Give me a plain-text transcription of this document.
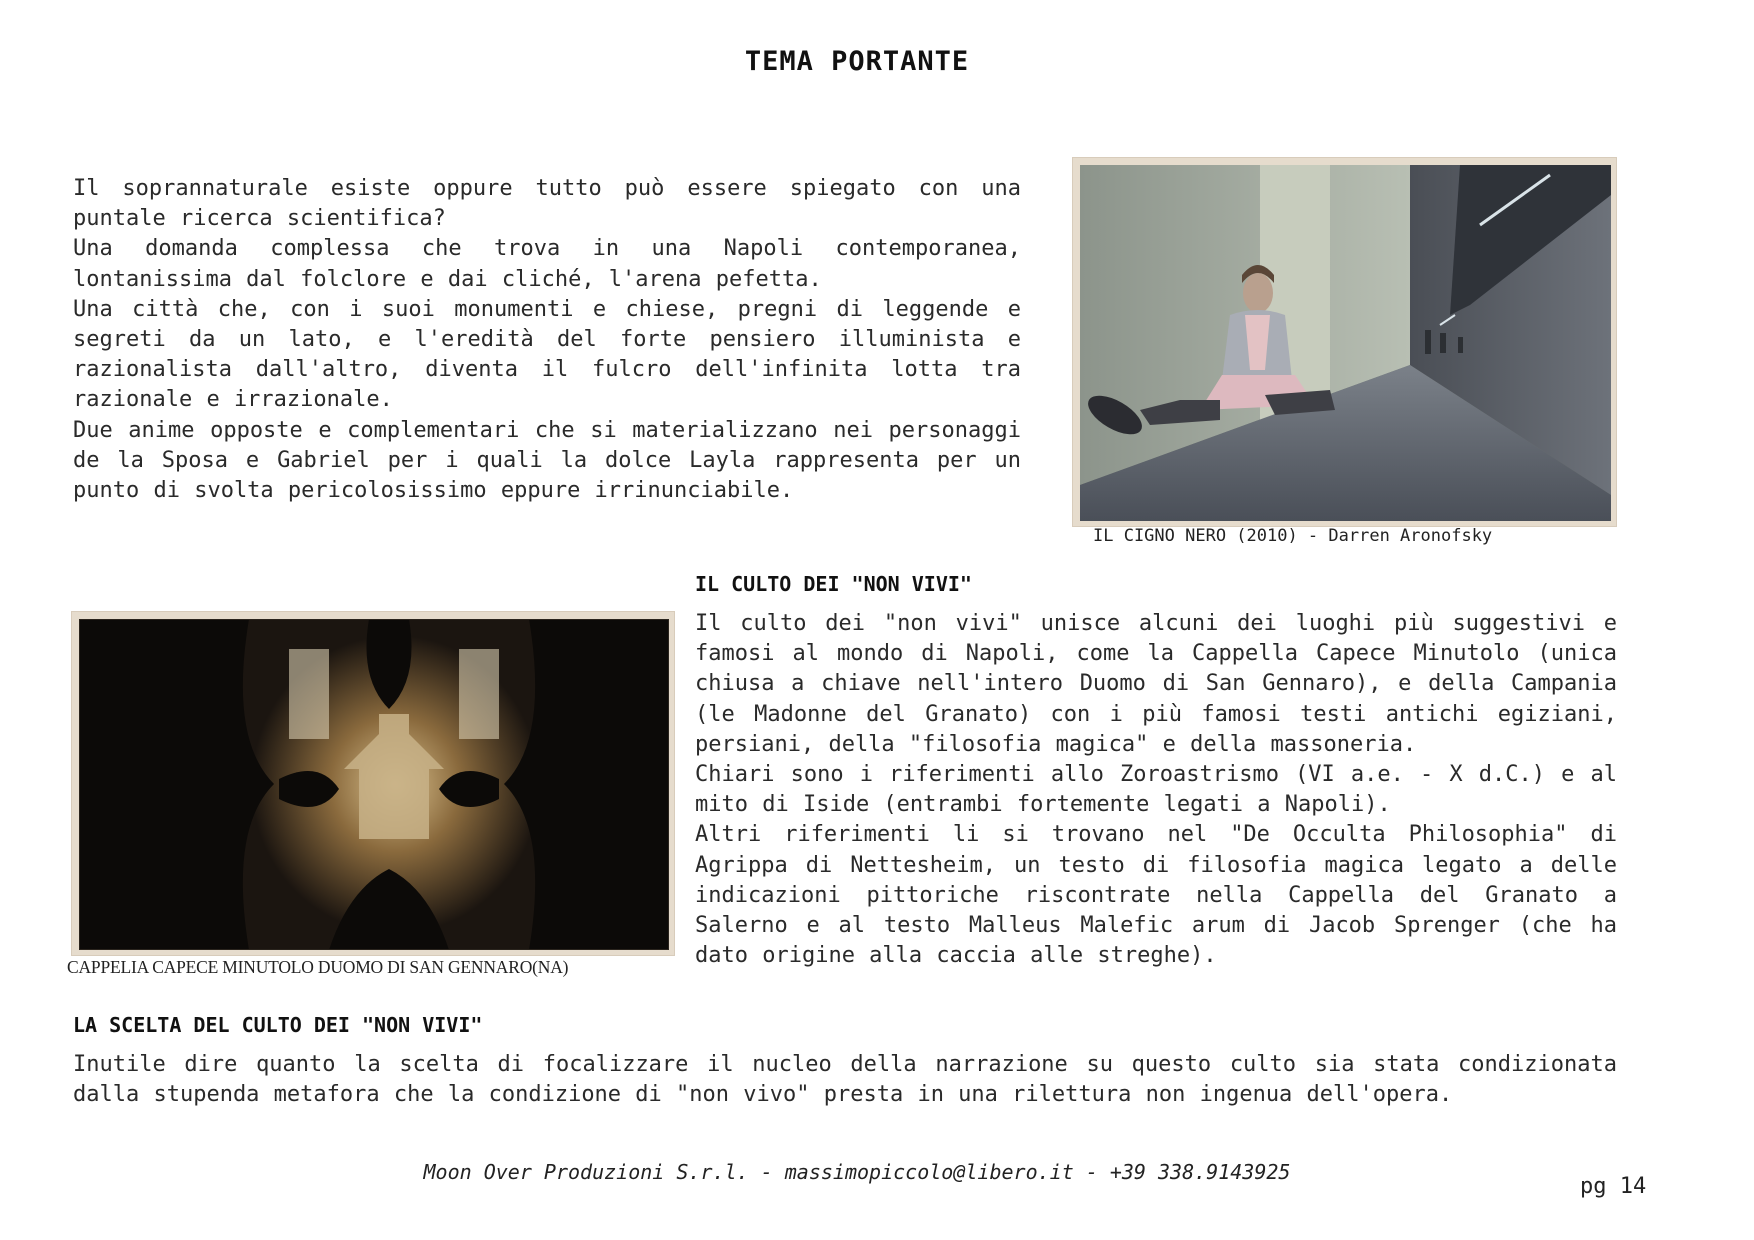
TEMA PORTANTE

Il soprannaturale esiste oppure tutto può essere spiegato con una puntale ricerca scientifica?

Una domanda complessa che trova in una Napoli contemporanea, lontanissima dal folclore e dai cliché, l'arena pefetta.

Una città che, con i suoi monumenti e chiese, pregni di leggende e segreti da un lato, e l'eredità del forte pensiero illuminista e razionalista dall'altro, diventa il fulcro dell'infinita lotta tra razionale e irrazionale.

Due anime opposte e complementari che si materializzano nei personaggi de la Sposa e Gabriel per i quali la dolce Layla rappresenta per un punto di svolta pericolosissimo eppure irrinunciabile.

IL CIGNO NERO (2010) - Darren Aronofsky
IL CULTO DEI "NON VIVI"
CAPPELIA CAPECE MINUTOLO DUOMO DI SAN GENNARO(NA)

Il culto dei "non vivi" unisce alcuni dei luoghi più suggestivi e famosi al mondo di Napoli, come la Cappella Capece Minutolo (unica chiusa a chiave nell'intero Duomo di San Gennaro), e della Campania (le Madonne del Granato) con i più famosi testi antichi egiziani, persiani, della "filosofia magica" e della massoneria.

Chiari sono i riferimenti allo Zoroastrismo (VI a.e. - X d.C.) e al mito di Iside (entrambi fortemente legati a Napoli).

Altri riferimenti li si trovano nel "De Occulta Philosophia" di Agrippa di Nettesheim, un testo di filosofia magica legato a delle indicazioni pittoriche riscontrate nella Cappella del Granato a Salerno e al testo Malleus Malefic arum di Jacob Sprenger (che ha dato origine alla caccia alle streghe).

LA SCELTA DEL CULTO DEI "NON VIVI"

Inutile dire quanto la scelta di focalizzare il nucleo della narrazione su questo culto sia stata condizionata dalla stupenda metafora che la condizione di "non vivo" presta in una rilettura non ingenua dell'opera.

Moon Over Produzioni S.r.l. - massimopiccolo@libero.it - +39 338.9143925
pg 14
